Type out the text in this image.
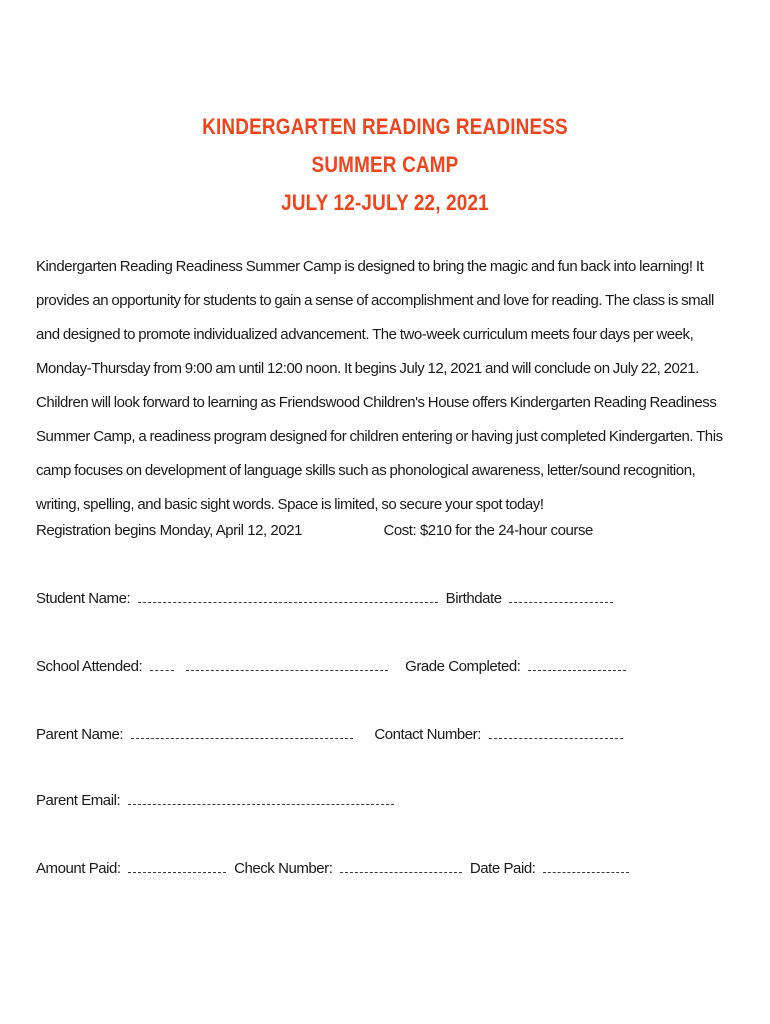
KINDERGARTEN READING READINESS
SUMMER CAMP
JULY 12-JULY 22, 2021

Kindergarten Reading Readiness Summer Camp is designed to bring the magic and fun back into learning! It provides an opportunity for students to gain a sense of accomplishment and love for reading. The class is small and designed to promote individualized advancement. The two-week curriculum meets four days per week, Monday-Thursday from 9:00 am until 12:00 noon. It begins July 12, 2021 and will conclude on July 22, 2021. Children will look forward to learning as Friendswood Children's House offers Kindergarten Reading Readiness Summer Camp, a readiness program designed for children entering or having just completed Kindergarten. This camp focuses on development of language skills such as phonological awareness, letter/sound recognition, writing, spelling, and basic sight words. Space is limited, so secure your spot today!

Registration begins Monday, April 12, 2021	Cost: $210 for the 24-hour course
Student Name:	Birthdate
School Attended:	Grade Completed:
Parent Name:	Contact Number:
Parent Email:
Amount Paid:	Check Number:	Date Paid:
